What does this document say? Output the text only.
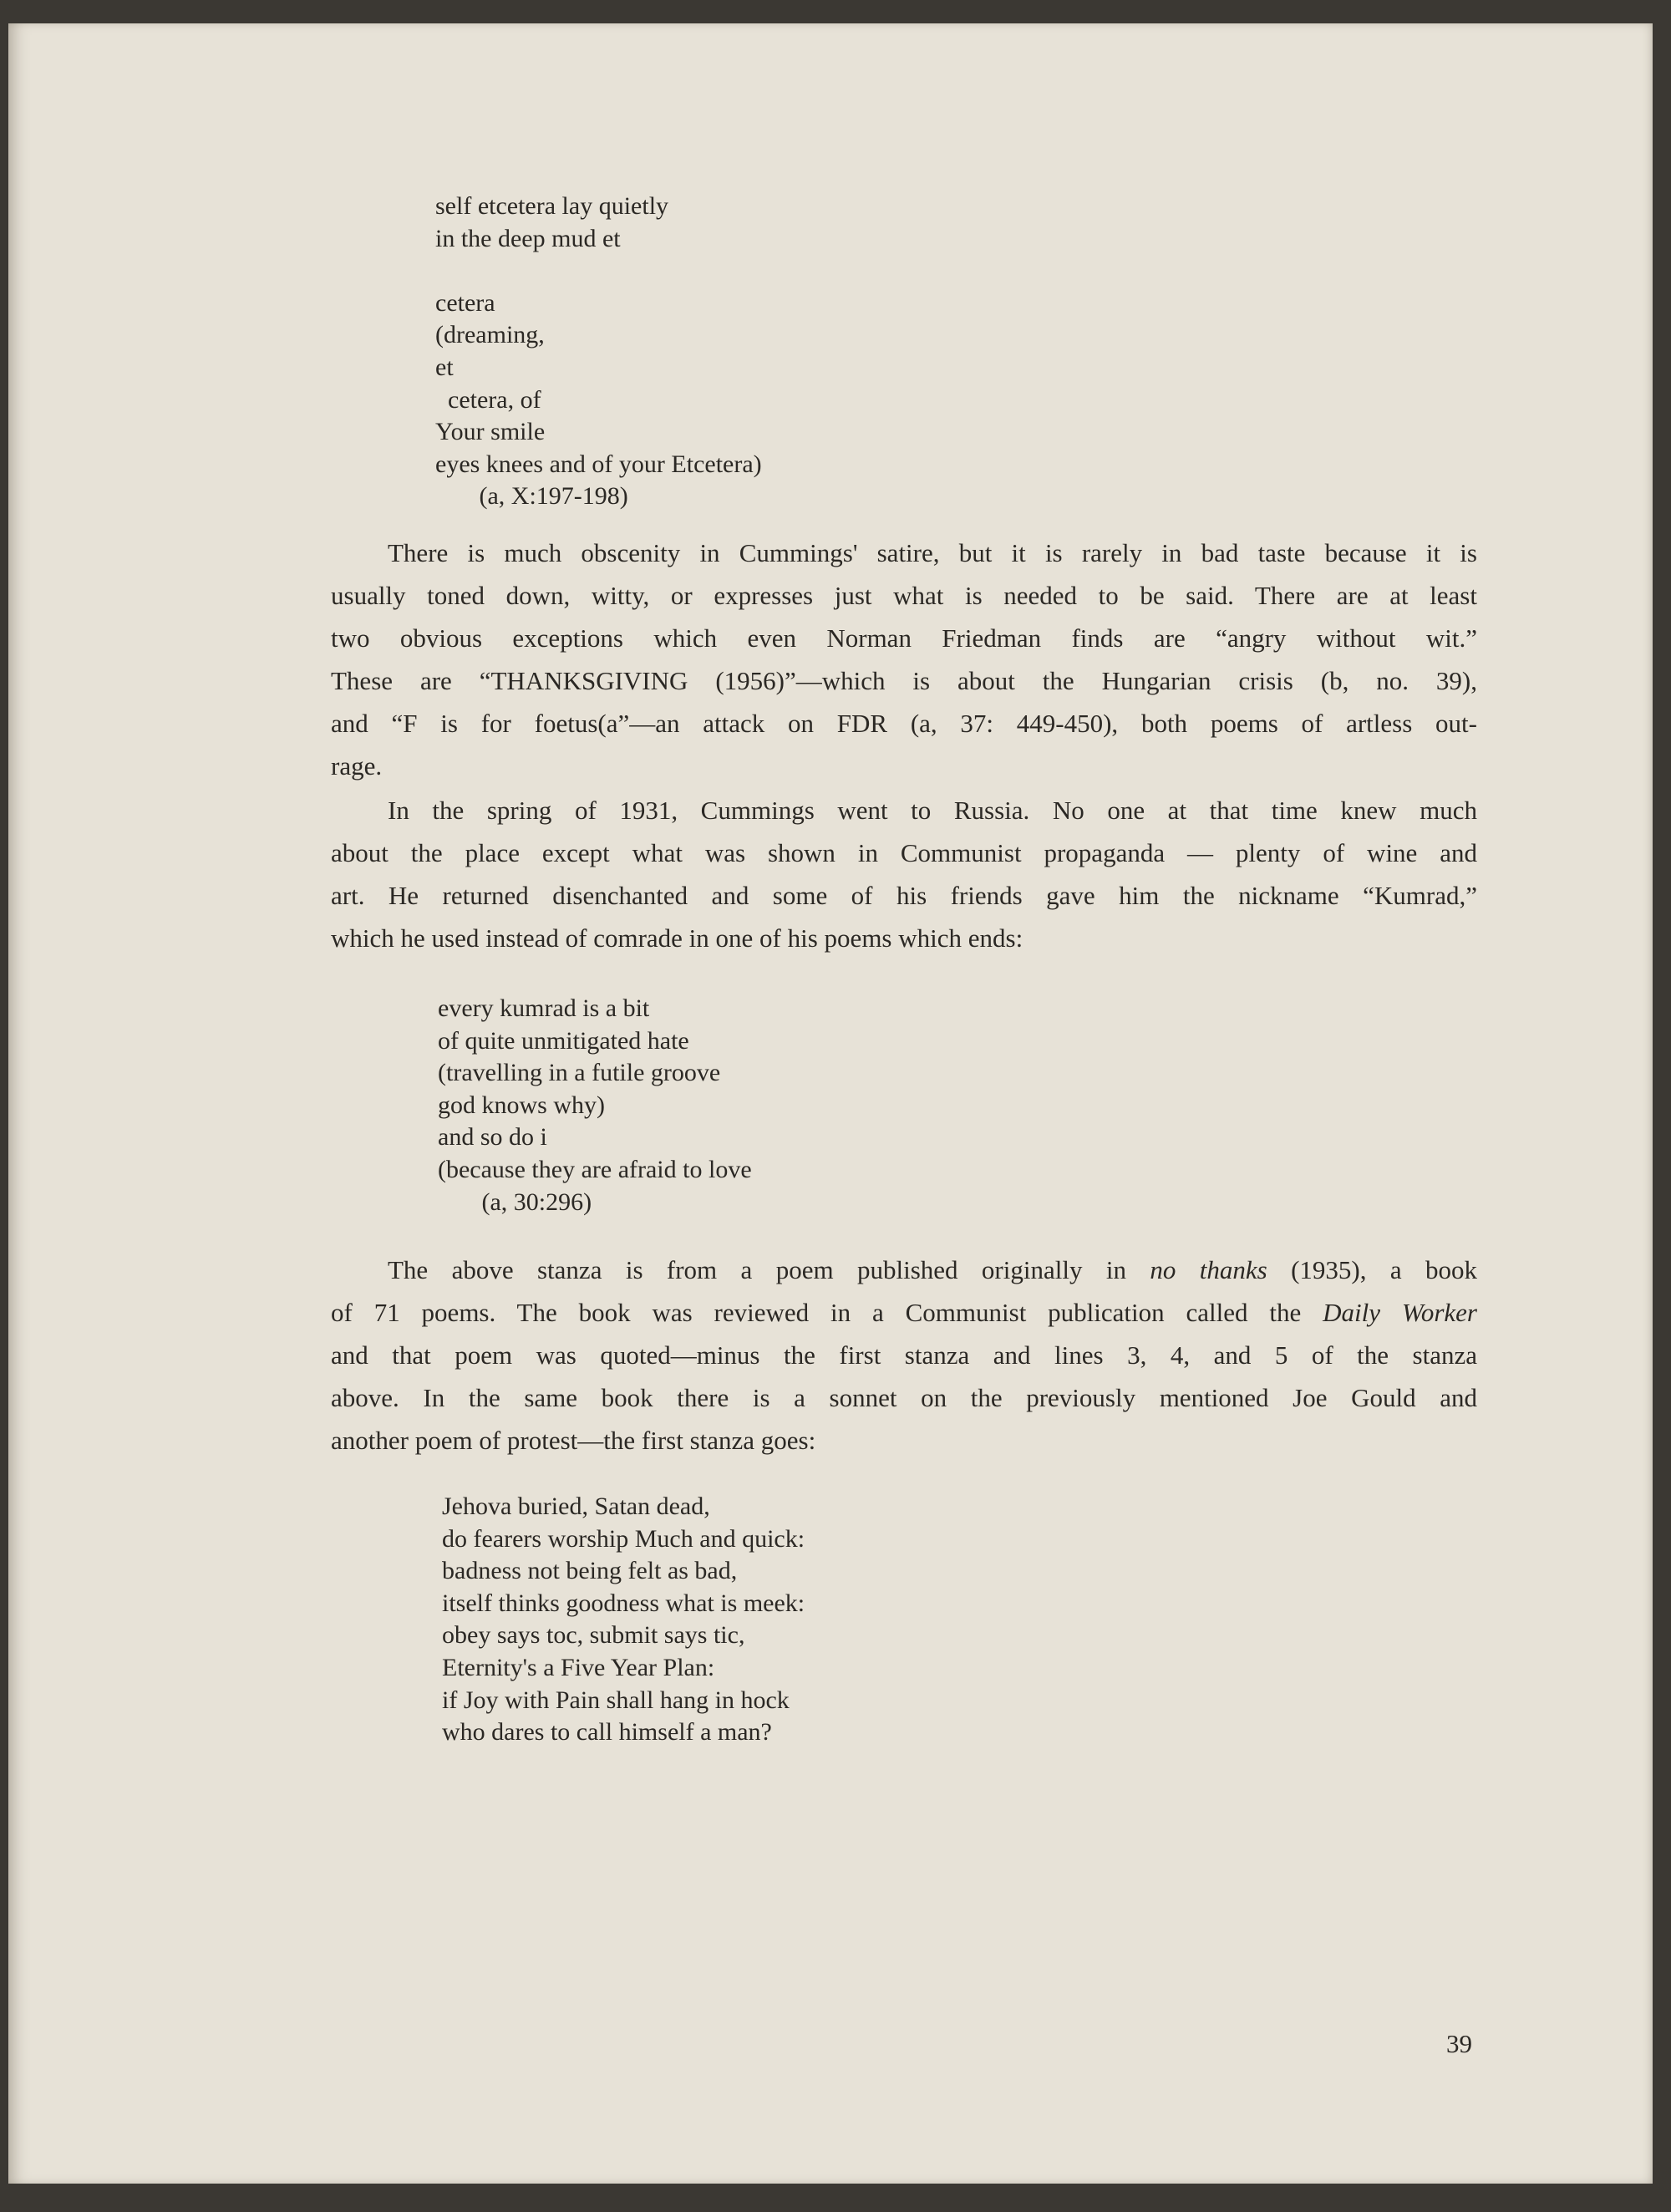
self etcetera lay quietly
in the deep mud et

cetera
(dreaming,
et
cetera, of
Your smile
eyes knees and of your Etcetera)
(a, X:197-198)
There is much obscenity in Cummings' satire, but it is rarely in bad taste because it is
usually toned down, witty, or expresses just what is needed to be said. There are at least
two obvious exceptions which even Norman Friedman finds are “angry without wit.”
These are “THANKSGIVING (1956)”—which is about the Hungarian crisis (b, no. 39),
and “F is for foetus(a”—an attack on FDR (a, 37: 449-450), both poems of artless out-
rage.
In the spring of 1931, Cummings went to Russia. No one at that time knew much
about the place except what was shown in Communist propaganda — plenty of wine and
art. He returned disenchanted and some of his friends gave him the nickname “Kumrad,”
which he used instead of comrade in one of his poems which ends:
every kumrad is a bit
of quite unmitigated hate
(travelling in a futile groove
god knows why)
and so do i
(because they are afraid to love
(a, 30:296)
The above stanza is from a poem published originally in no thanks (1935), a book
of 71 poems. The book was reviewed in a Communist publication called the Daily Worker
and that poem was quoted—minus the first stanza and lines 3, 4, and 5 of the stanza
above. In the same book there is a sonnet on the previously mentioned Joe Gould and
another poem of protest—the first stanza goes:
Jehova buried, Satan dead,
do fearers worship Much and quick:
badness not being felt as bad,
itself thinks goodness what is meek:
obey says toc, submit says tic,
Eternity's a Five Year Plan:
if Joy with Pain shall hang in hock
who dares to call himself a man?
39
